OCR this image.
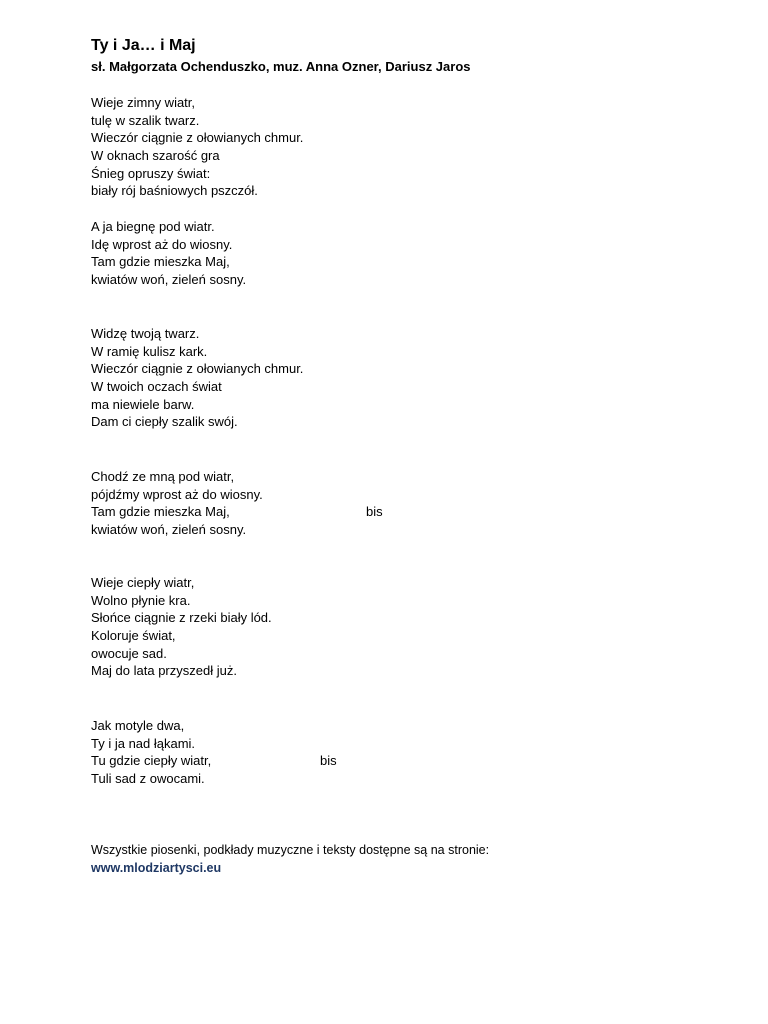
Ty i Ja… i Maj
sł. Małgorzata Ochenduszko, muz. Anna Ozner, Dariusz Jaros
Wieje zimny wiatr,
tulę w szalik twarz.
Wieczór ciągnie z ołowianych chmur.
W oknach szarość gra
Śnieg opruszy świat:
biały rój baśniowych pszczół.
A ja biegnę pod wiatr.
Idę wprost aż do wiosny.
Tam gdzie mieszka Maj,
kwiatów woń, zieleń sosny.
Widzę twoją twarz.
W ramię kulisz kark.
Wieczór ciągnie z ołowianych chmur.
W twoich oczach świat
ma niewiele barw.
Dam ci ciepły szalik swój.
Chodź ze mną pod wiatr,
pójdźmy wprost aż do wiosny.
Tam gdzie mieszka Maj,	bis
kwiatów woń, zieleń sosny.
Wieje ciepły wiatr,
Wolno płynie kra.
Słońce ciągnie z rzeki biały lód.
Koloruje świat,
owocuje sad.
Maj do lata przyszedł już.
Jak motyle dwa,
Ty i ja nad łąkami.
Tu gdzie ciepły wiatr,	bis
Tuli sad z owocami.
Wszystkie piosenki, podkłady muzyczne i teksty dostępne są na stronie:
www.mlodziartysci.eu
